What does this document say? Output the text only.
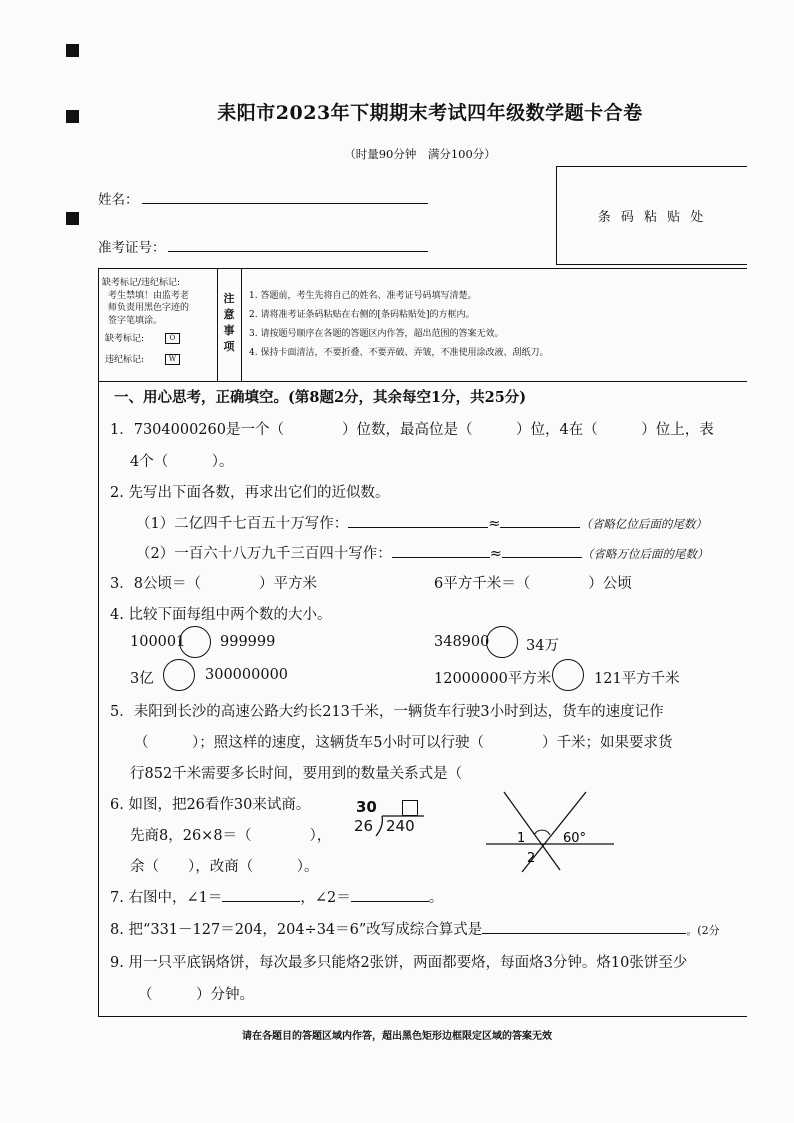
耒阳市2023年下期期末考试四年级数学题卡合卷
（时量90分钟　满分100分）
姓名：
准考证号：
条 码 粘 贴 处
缺考标记/违纪标记:
考生禁填！由监考老
师负责用黑色字迹的
签字笔填涂。
缺考标记:	O
违纪标记:	W
注
意
事
项
1. 答题前，考生先将自己的姓名、准考证号码填写清楚。
2. 请将准考证条码粘贴在右侧的[条码粘贴处]的方框内。
3. 请按题号顺序在各题的答题区内作答，超出范围的答案无效。
4. 保持卡面清洁，不要折叠、不要弄破、弄皱，不准使用涂改液、刮纸刀。
一、用心思考，正确填空。(第8题2分，其余每空1分，共25分)
1．7304000260是一个（　　　　）位数，最高位是（　　　）位，4在（　　　）位上，表
4个（　　　）。
2. 先写出下面各数，再求出它们的近似数。
（1）二亿四千七百五十万写作：	≈	（省略亿位后面的尾数）
（2）一百六十八万九千三百四十写作：	≈	（省略万位后面的尾数）
3．8公顷＝（　　　　）平方米	6平方千米＝（　　　　）公顷
4. 比较下面每组中两个数的大小。
100001 999999	348900	34万
3亿	300000000	12000000平方米	121平方千米
5．耒阳到长沙的高速公路大约长213千米，一辆货车行驶3小时到达，货车的速度记作
（　　　）；照这样的速度，这辆货车5小时可以行驶（　　　　）千米；如果要求货
行852千米需要多长时间，要用到的数量关系式是（
6. 如图，把26看作30来试商。
先商8，26×8＝（　　　　），
余（　　），改商（　　　）。
30
26 240
1
2
60°
7. 右图中，∠1＝	，∠2＝	。
8. 把“331－127＝204，204÷34＝6”改写成综合算式是	。(2分
9. 用一只平底锅烙饼，每次最多只能烙2张饼，两面都要烙，每面烙3分钟。烙10张饼至少
（　　　）分钟。
请在各题目的答题区域内作答，超出黑色矩形边框限定区域的答案无效
